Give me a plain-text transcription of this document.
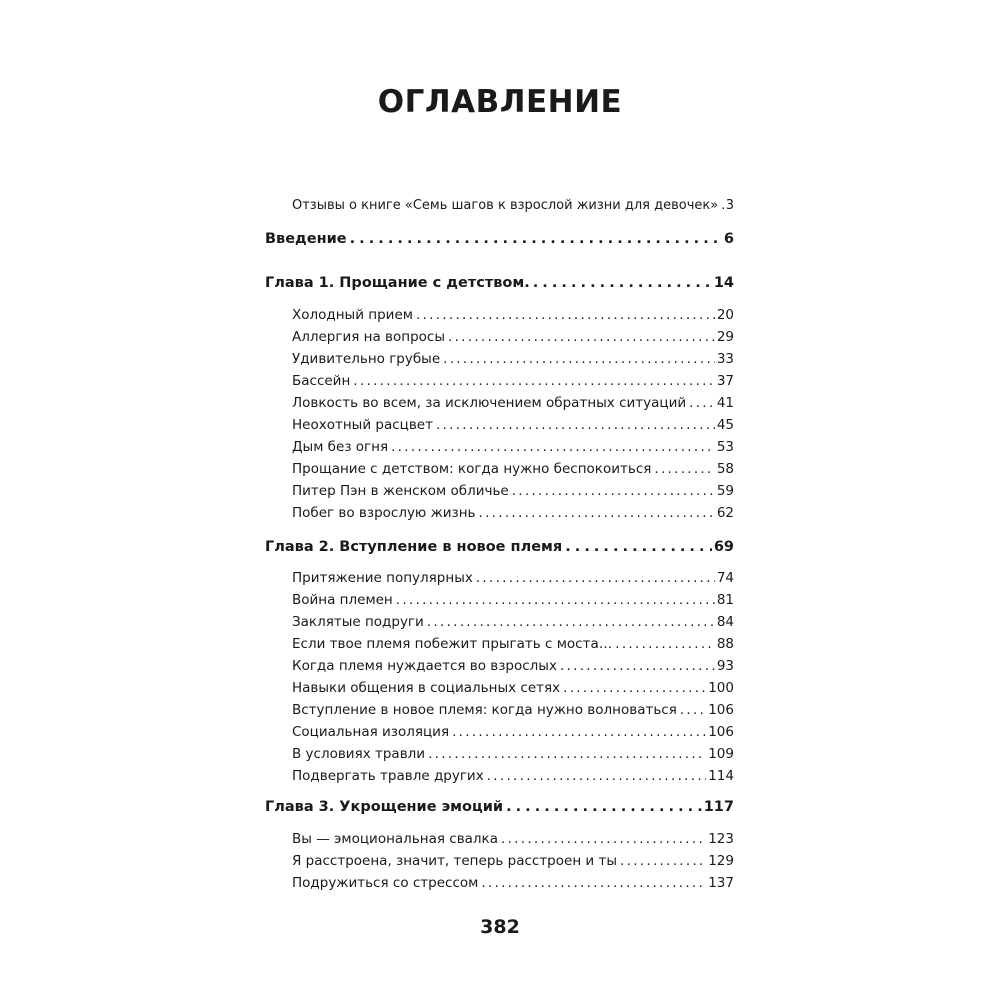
ОГЛАВЛЕНИЕ
Отзывы о книге «Семь шагов к взрослой жизни для девочек» . . . 3
Введение . . .	6
Глава 1. Прощание с детством. . . .	14
Холодный прием . . .	20
Аллергия на вопросы . . .	29
Удивительно грубые . . .	33
Бассейн . . .	37
Ловкость во всем, за исключением обратных ситуаций . . . 41
Неохотный расцвет . . .	45
Дым без огня . . .	53
Прощание с детством: когда нужно беспокоиться . . .	58
Питер Пэн в женском обличье . . .	59
Побег во взрослую жизнь . . .	62
Глава 2. Вступление в новое племя . . .	69
Притяжение популярных . . .	74
Война племен . . .	81
Заклятые подруги . . .	84
Если твое племя побежит прыгать с моста… . . .	88
Когда племя нуждается во взрослых . . .	93
Навыки общения в социальных сетях . . .	100
Вступление в новое племя: когда нужно волноваться . . . 106
Социальная изоляция . . .	106
В условиях травли . . .	109
Подвергать травле других . . .	114
Глава 3. Укрощение эмоций . . .	117
Вы — эмоциональная свалка . . .	123
Я расстроена, значит, теперь расстроен и ты . . .	129
Подружиться со стрессом . . .	137
382
